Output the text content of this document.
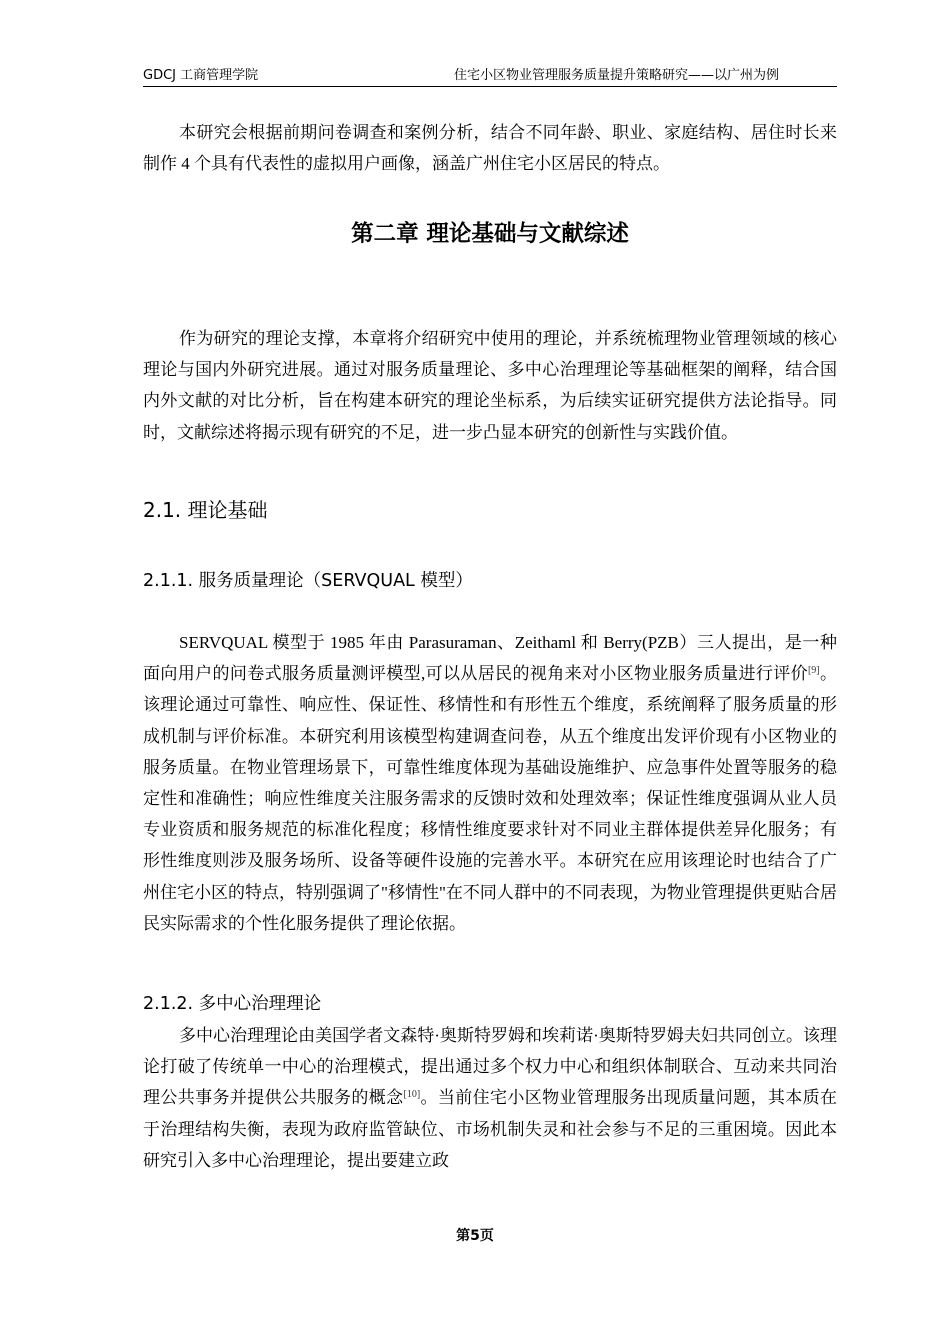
GDCJ 工商管理学院	住宅小区物业管理服务质量提升策略研究——以广州为例

本研究会根据前期问卷调查和案例分析，结合不同年龄、职业、家庭结构、居住时长来制作 4 个具有代表性的虚拟用户画像，涵盖广州住宅小区居民的特点。

第二章 理论基础与文献综述

作为研究的理论支撑，本章将介绍研究中使用的理论，并系统梳理物业管理领域的核心理论与国内外研究进展。通过对服务质量理论、多中心治理理论等基础框架的阐释，结合国内外文献的对比分析，旨在构建本研究的理论坐标系，为后续实证研究提供方法论指导。同时，文献综述将揭示现有研究的不足，进一步凸显本研究的创新性与实践价值。

2.1. 理论基础
2.1.1. 服务质量理论（SERVQUAL 模型）

SERVQUAL 模型于 1985 年由 Parasuraman、Zeithaml 和 Berry(PZB）三人提出，是一种面向用户的问卷式服务质量测评模型,可以从居民的视角来对小区物业服务质量进行评价[9]。该理论通过可靠性、响应性、保证性、移情性和有形性五个维度，系统阐释了服务质量的形成机制与评价标准。本研究利用该模型构建调查问卷，从五个维度出发评价现有小区物业的服务质量。在物业管理场景下，可靠性维度体现为基础设施维护、应急事件处置等服务的稳定性和准确性；响应性维度关注服务需求的反馈时效和处理效率；保证性维度强调从业人员专业资质和服务规范的标准化程度；移情性维度要求针对不同业主群体提供差异化服务；有形性维度则涉及服务场所、设备等硬件设施的完善水平。本研究在应用该理论时也结合了广州住宅小区的特点，特别强调了"移情性"在不同人群中的不同表现，为物业管理提供更贴合居民实际需求的个性化服务提供了理论依据。

2.1.2. 多中心治理理论

多中心治理理论由美国学者文森特·奥斯特罗姆和埃莉诺·奥斯特罗姆夫妇共同创立。该理论打破了传统单一中心的治理模式，提出通过多个权力中心和组织体制联合、互动来共同治理公共事务并提供公共服务的概念[10]。当前住宅小区物业管理服务出现质量问题，其本质在于治理结构失衡，表现为政府监管缺位、市场机制失灵和社会参与不足的三重困境。因此本研究引入多中心治理理论，提出要建立政

第5页
